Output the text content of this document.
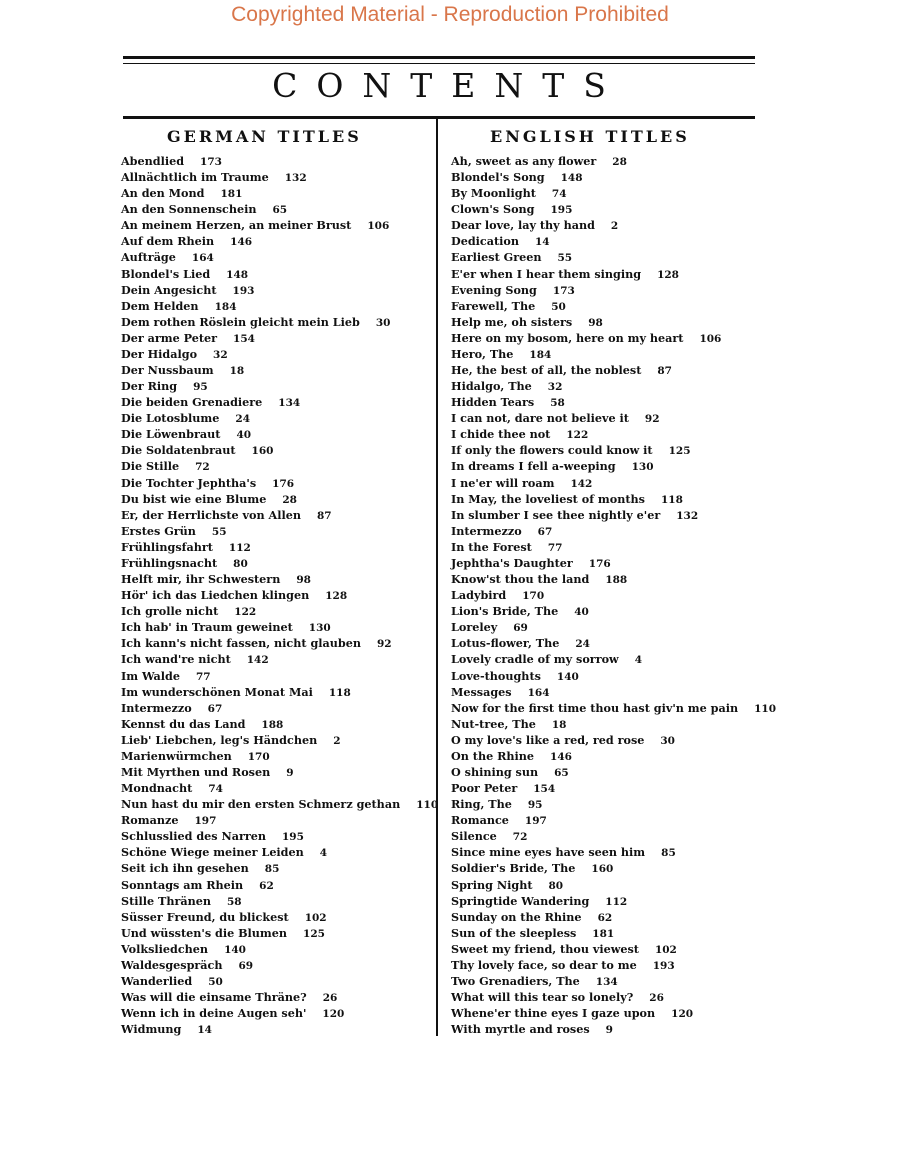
Copyrighted Material - Reproduction Prohibited
CONTENTS
GERMAN TITLES	ENGLISH TITLES
Abendlied 173
Allnächtlich im Traume 132
An den Mond 181
An den Sonnenschein 65
An meinem Herzen, an meiner Brust 106
Auf dem Rhein 146
Aufträge 164
Blondel's Lied 148
Dein Angesicht 193
Dem Helden 184
Dem rothen Röslein gleicht mein Lieb 30
Der arme Peter 154
Der Hidalgo 32
Der Nussbaum 18
Der Ring 95
Die beiden Grenadiere 134
Die Lotosblume 24
Die Löwenbraut 40
Die Soldatenbraut 160
Die Stille 72
Die Tochter Jephtha's 176
Du bist wie eine Blume 28
Er, der Herrlichste von Allen 87
Erstes Grün 55
Frühlingsfahrt 112
Frühlingsnacht 80
Helft mir, ihr Schwestern 98
Hör' ich das Liedchen klingen 128
Ich grolle nicht 122
Ich hab' in Traum geweinet 130
Ich kann's nicht fassen, nicht glauben 92
Ich wand're nicht 142
Im Walde 77
Im wunderschönen Monat Mai 118
Intermezzo 67
Kennst du das Land 188
Lieb' Liebchen, leg's Händchen 2
Marienwürmchen 170
Mit Myrthen und Rosen 9
Mondnacht 74
Nun hast du mir den ersten Schmerz gethan 110
Romanze 197
Schlusslied des Narren 195
Schöne Wiege meiner Leiden 4
Seit ich ihn gesehen 85
Sonntags am Rhein 62
Stille Thränen 58
Süsser Freund, du blickest 102
Und wüssten's die Blumen 125
Volksliedchen 140
Waldesgespräch 69
Wanderlied 50
Was will die einsame Thräne? 26
Wenn ich in deine Augen seh' 120
Widmung 14
Ah, sweet as any flower 28
Blondel's Song 148
By Moonlight 74
Clown's Song 195
Dear love, lay thy hand 2
Dedication 14
Earliest Green 55
E'er when I hear them singing 128
Evening Song 173
Farewell, The 50
Help me, oh sisters 98
Here on my bosom, here on my heart 106
Hero, The 184
He, the best of all, the noblest 87
Hidalgo, The 32
Hidden Tears 58
I can not, dare not believe it 92
I chide thee not 122
If only the flowers could know it 125
In dreams I fell a-weeping 130
I ne'er will roam 142
In May, the loveliest of months 118
In slumber I see thee nightly e'er 132
Intermezzo 67
In the Forest 77
Jephtha's Daughter 176
Know'st thou the land 188
Ladybird 170
Lion's Bride, The 40
Loreley 69
Lotus-flower, The 24
Lovely cradle of my sorrow 4
Love-thoughts 140
Messages 164
Now for the first time thou hast giv'n me pain 110
Nut-tree, The 18
O my love's like a red, red rose 30
On the Rhine 146
O shining sun 65
Poor Peter 154
Ring, The 95
Romance 197
Silence 72
Since mine eyes have seen him 85
Soldier's Bride, The 160
Spring Night 80
Springtide Wandering 112
Sunday on the Rhine 62
Sun of the sleepless 181
Sweet my friend, thou viewest 102
Thy lovely face, so dear to me 193
Two Grenadiers, The 134
What will this tear so lonely? 26
Whene'er thine eyes I gaze upon 120
With myrtle and roses 9
